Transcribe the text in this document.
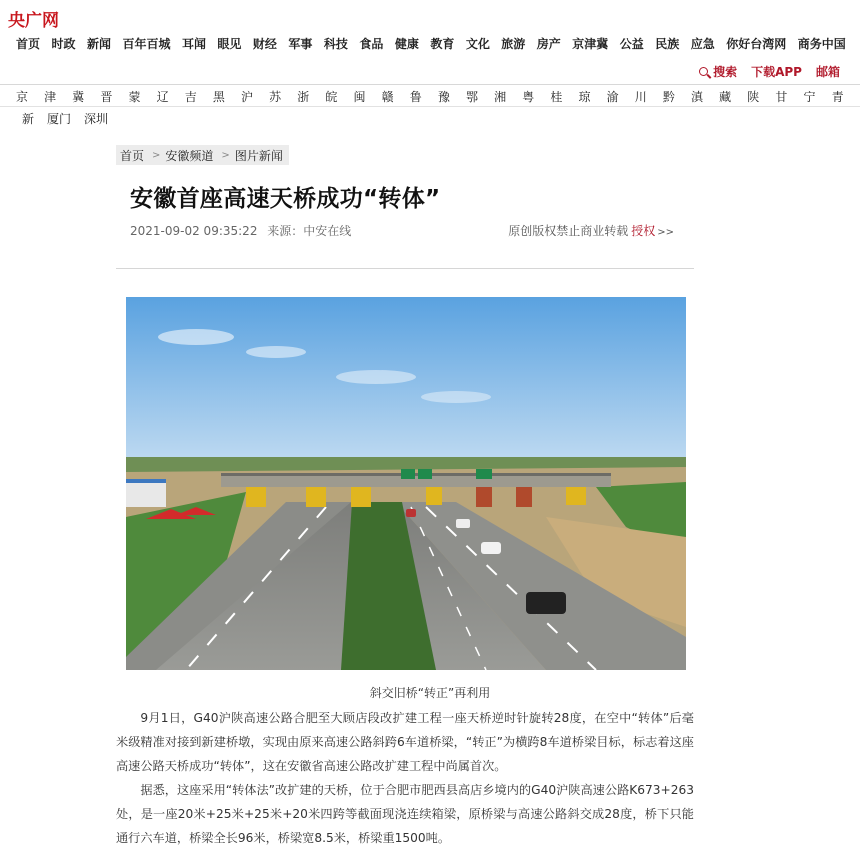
央广网
首页 时政 新闻 百年百城 耳闻 眼见 财经 军事 科技 食品 健康 教育 文化 旅游 房产 京津冀 公益 民族 应急 你好台湾网 商务中国
搜索 下载APP 邮箱
京 津 冀 晋 蒙 辽 吉 黑 沪 苏 浙 皖 闽 赣 鲁 豫 鄂 湘 粤 桂 琼 渝 川 黔 滇 藏 陕 甘 宁 青
新 厦门 深圳
首页 > 安徽频道 > 图片新闻
安徽首座高速天桥成功“转体”
2021-09-02 09:35:22 来源：中安在线	原创版权禁止商业转载 授权 >>
斜交旧桥“转正”再利用

9月1日，G40沪陕高速公路合肥至大顾店段改扩建工程一座天桥逆时针旋转28度，在空中“转体”后毫米级精准对接到新建桥墩，实现由原来高速公路斜跨6车道桥梁，“转正”为横跨8车道桥梁目标，标志着这座高速公路天桥成功“转体”，这在安徽省高速公路改扩建工程中尚属首次。

据悉，这座采用“转体法”改扩建的天桥，位于合肥市肥西县高店乡境内的G40沪陕高速公路K673+263处，是一座20米+25米+25米+20米四跨等截面现浇连续箱梁，原桥梁与高速公路斜交成28度，桥下只能通行六车道，桥梁全长96米，桥梁宽8.5米，桥梁重1500吨。
